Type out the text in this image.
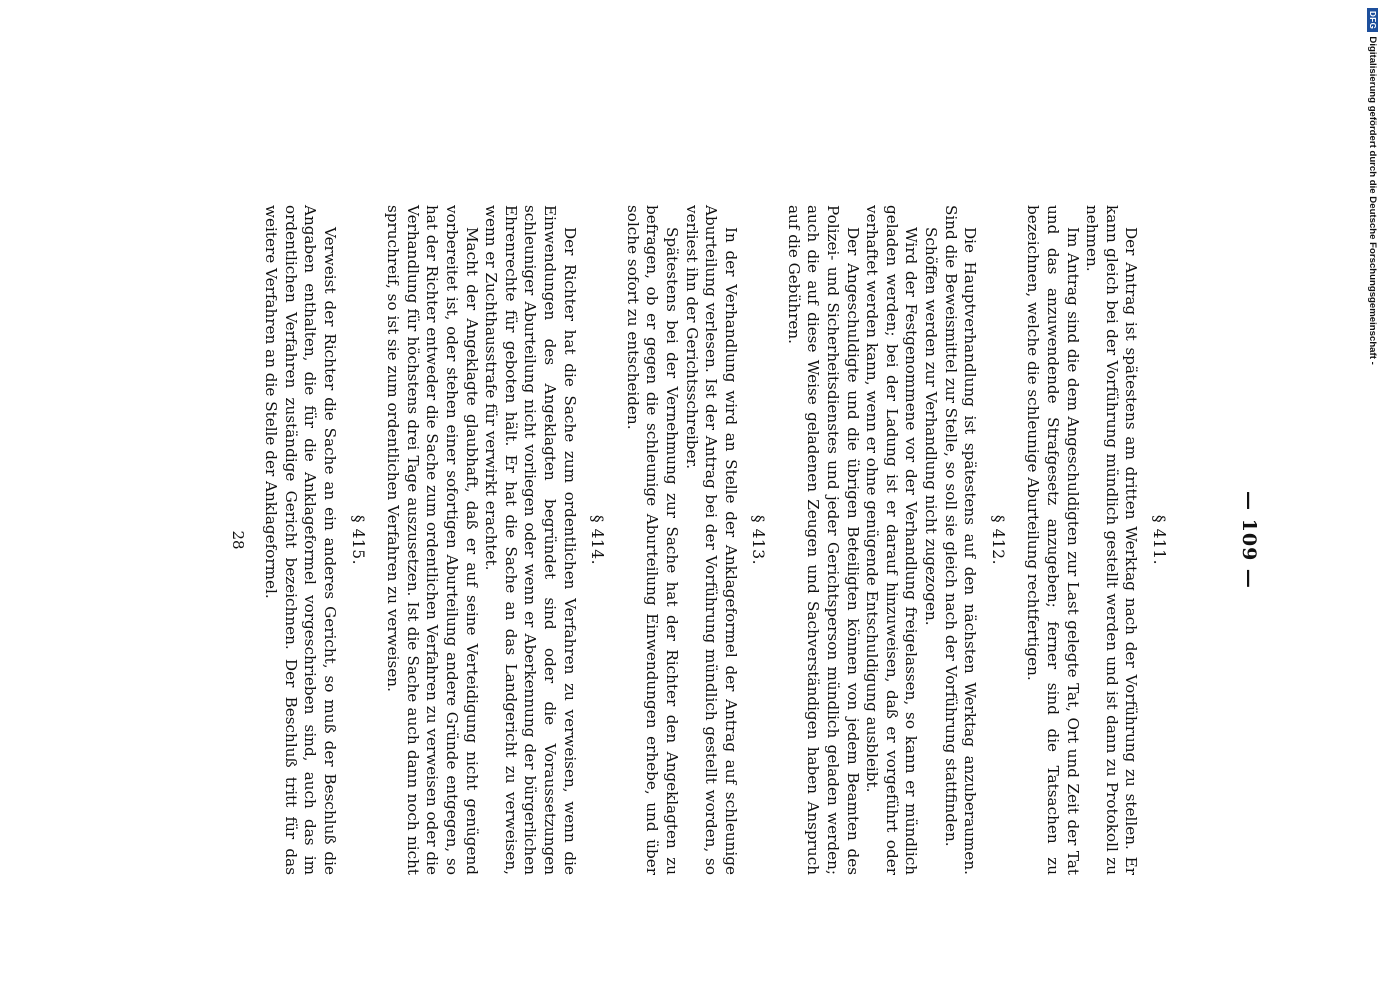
— 109 —
§ 411.

Der Antrag ist spätestens am dritten Werktag nach der Vorführung zu stellen. Er kann gleich bei der Vorführung mündlich gestellt werden und ist dann zu Protokoll zu nehmen.

Im Antrag sind die dem Angeschuldigten zur Last gelegte Tat, Ort und Zeit der Tat und das anzuwendende Strafgesetz anzugeben; ferner sind die Tatsachen zu bezeichnen, welche die schleunige Aburteilung rechtfertigen.

§ 412.

Die Hauptverhandlung ist spätestens auf den nächsten Werktag anzuberaumen. Sind die Beweismittel zur Stelle, so soll sie gleich nach der Vorführung stattfinden.

Schöffen werden zur Verhandlung nicht zugezogen.

Wird der Festgenommene vor der Verhandlung freigelassen, so kann er mündlich geladen werden; bei der Ladung ist er darauf hinzuweisen, daß er vorgeführt oder verhaftet werden kann, wenn er ohne genügende Entschuldigung ausbleibt.

Der Angeschuldigte und die übrigen Beteiligten können von jedem Beamten des Polizei- und Sicherheitsdienstes und jeder Gerichtsperson mündlich geladen werden; auch die auf diese Weise geladenen Zeugen und Sachverständigen haben Anspruch auf die Gebühren.

§ 413.

In der Verhandlung wird an Stelle der Anklageformel der Antrag auf schleunige Aburteilung verlesen. Ist der Antrag bei der Vorführung mündlich gestellt worden, so verliest ihn der Gerichtsschreiber.

Spätestens bei der Vernehmung zur Sache hat der Richter den Angeklagten zu befragen, ob er gegen die schleunige Aburteilung Einwendungen erhebe, und über solche sofort zu entscheiden.

§ 414.

Der Richter hat die Sache zum ordentlichen Verfahren zu verweisen, wenn die Einwendungen des Angeklagten begründet sind oder die Voraussetzungen schleuniger Aburteilung nicht vorliegen oder wenn er Aberkennung der bürgerlichen Ehrenrechte für geboten hält. Er hat die Sache an das Landgericht zu verweisen, wenn er Zuchthausstrafe für verwirkt erachtet.

Macht der Angeklagte glaubhaft, daß er auf seine Verteidigung nicht genügend vorbereitet ist, oder stehen einer sofortigen Aburteilung andere Gründe entgegen, so hat der Richter entweder die Sache zum ordentlichen Verfahren zu verweisen oder die Verhandlung für höchstens drei Tage auszusetzen. Ist die Sache auch dann noch nicht spruchreif, so ist sie zum ordentlichen Verfahren zu verweisen.

§ 415.

Verweist der Richter die Sache an ein anderes Gericht, so muß der Beschluß die Angaben enthalten, die für die Anklageformel vorgeschrieben sind, auch das im ordentlichen Verfahren zuständige Gericht bezeichnen. Der Beschluß tritt für das weitere Verfahren an die Stelle der Anklageformel.

28
DFG
Digitalisierung gefördert durch die Deutsche Forschungsgemeinschaft -
